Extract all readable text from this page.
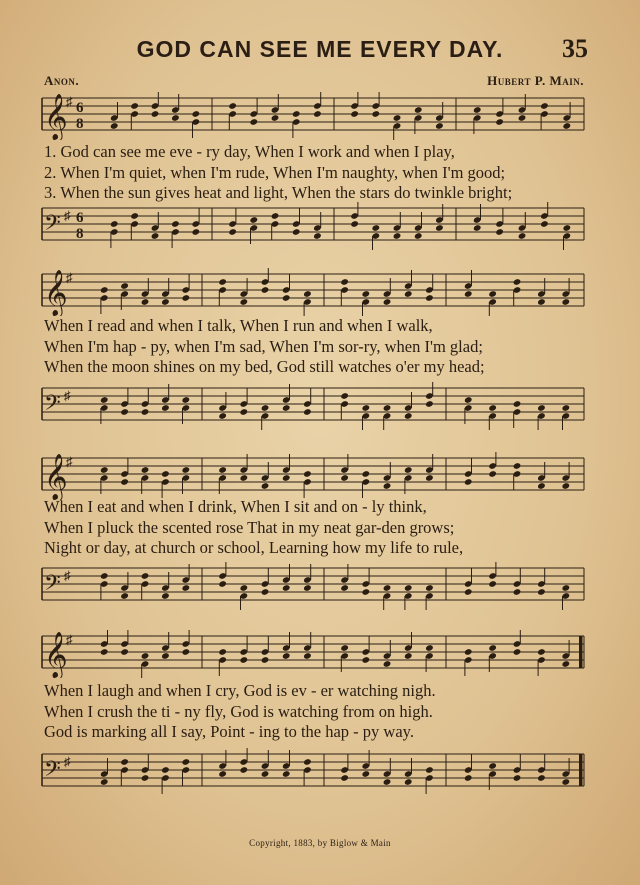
GOD CAN SEE ME EVERY DAY.	35
Anon.	Hubert P. Main.
𝄞
♯ 6
8
1. God can see me eve - ry day, When I work and when I play,
2. When I'm quiet, when I'm rude, When I'm naughty, when I'm good;
3. When the sun gives heat and light, When the stars do twinkle bright;
𝄢 ♯ 6
8
𝄞
♯
When I read and when I talk, When I run and when I walk,
When I'm hap - py, when I'm sad, When I'm sor-ry, when I'm glad;
When the moon shines on my bed, God still watches o'er my head;
𝄢 ♯
𝄞
♯
When I eat and when I drink, When I sit and on - ly think,
When I pluck the scented rose That in my neat gar-den grows;
Night or day, at church or school, Learning how my life to rule,
𝄢 ♯
𝄞
♯
When I laugh and when I cry, God is ev - er watching nigh.
When I crush the ti - ny fly, God is watching from on high.
God is marking all I say, Point - ing to the hap - py way.
𝄢 ♯
Copyright, 1883, by Biglow & Main
